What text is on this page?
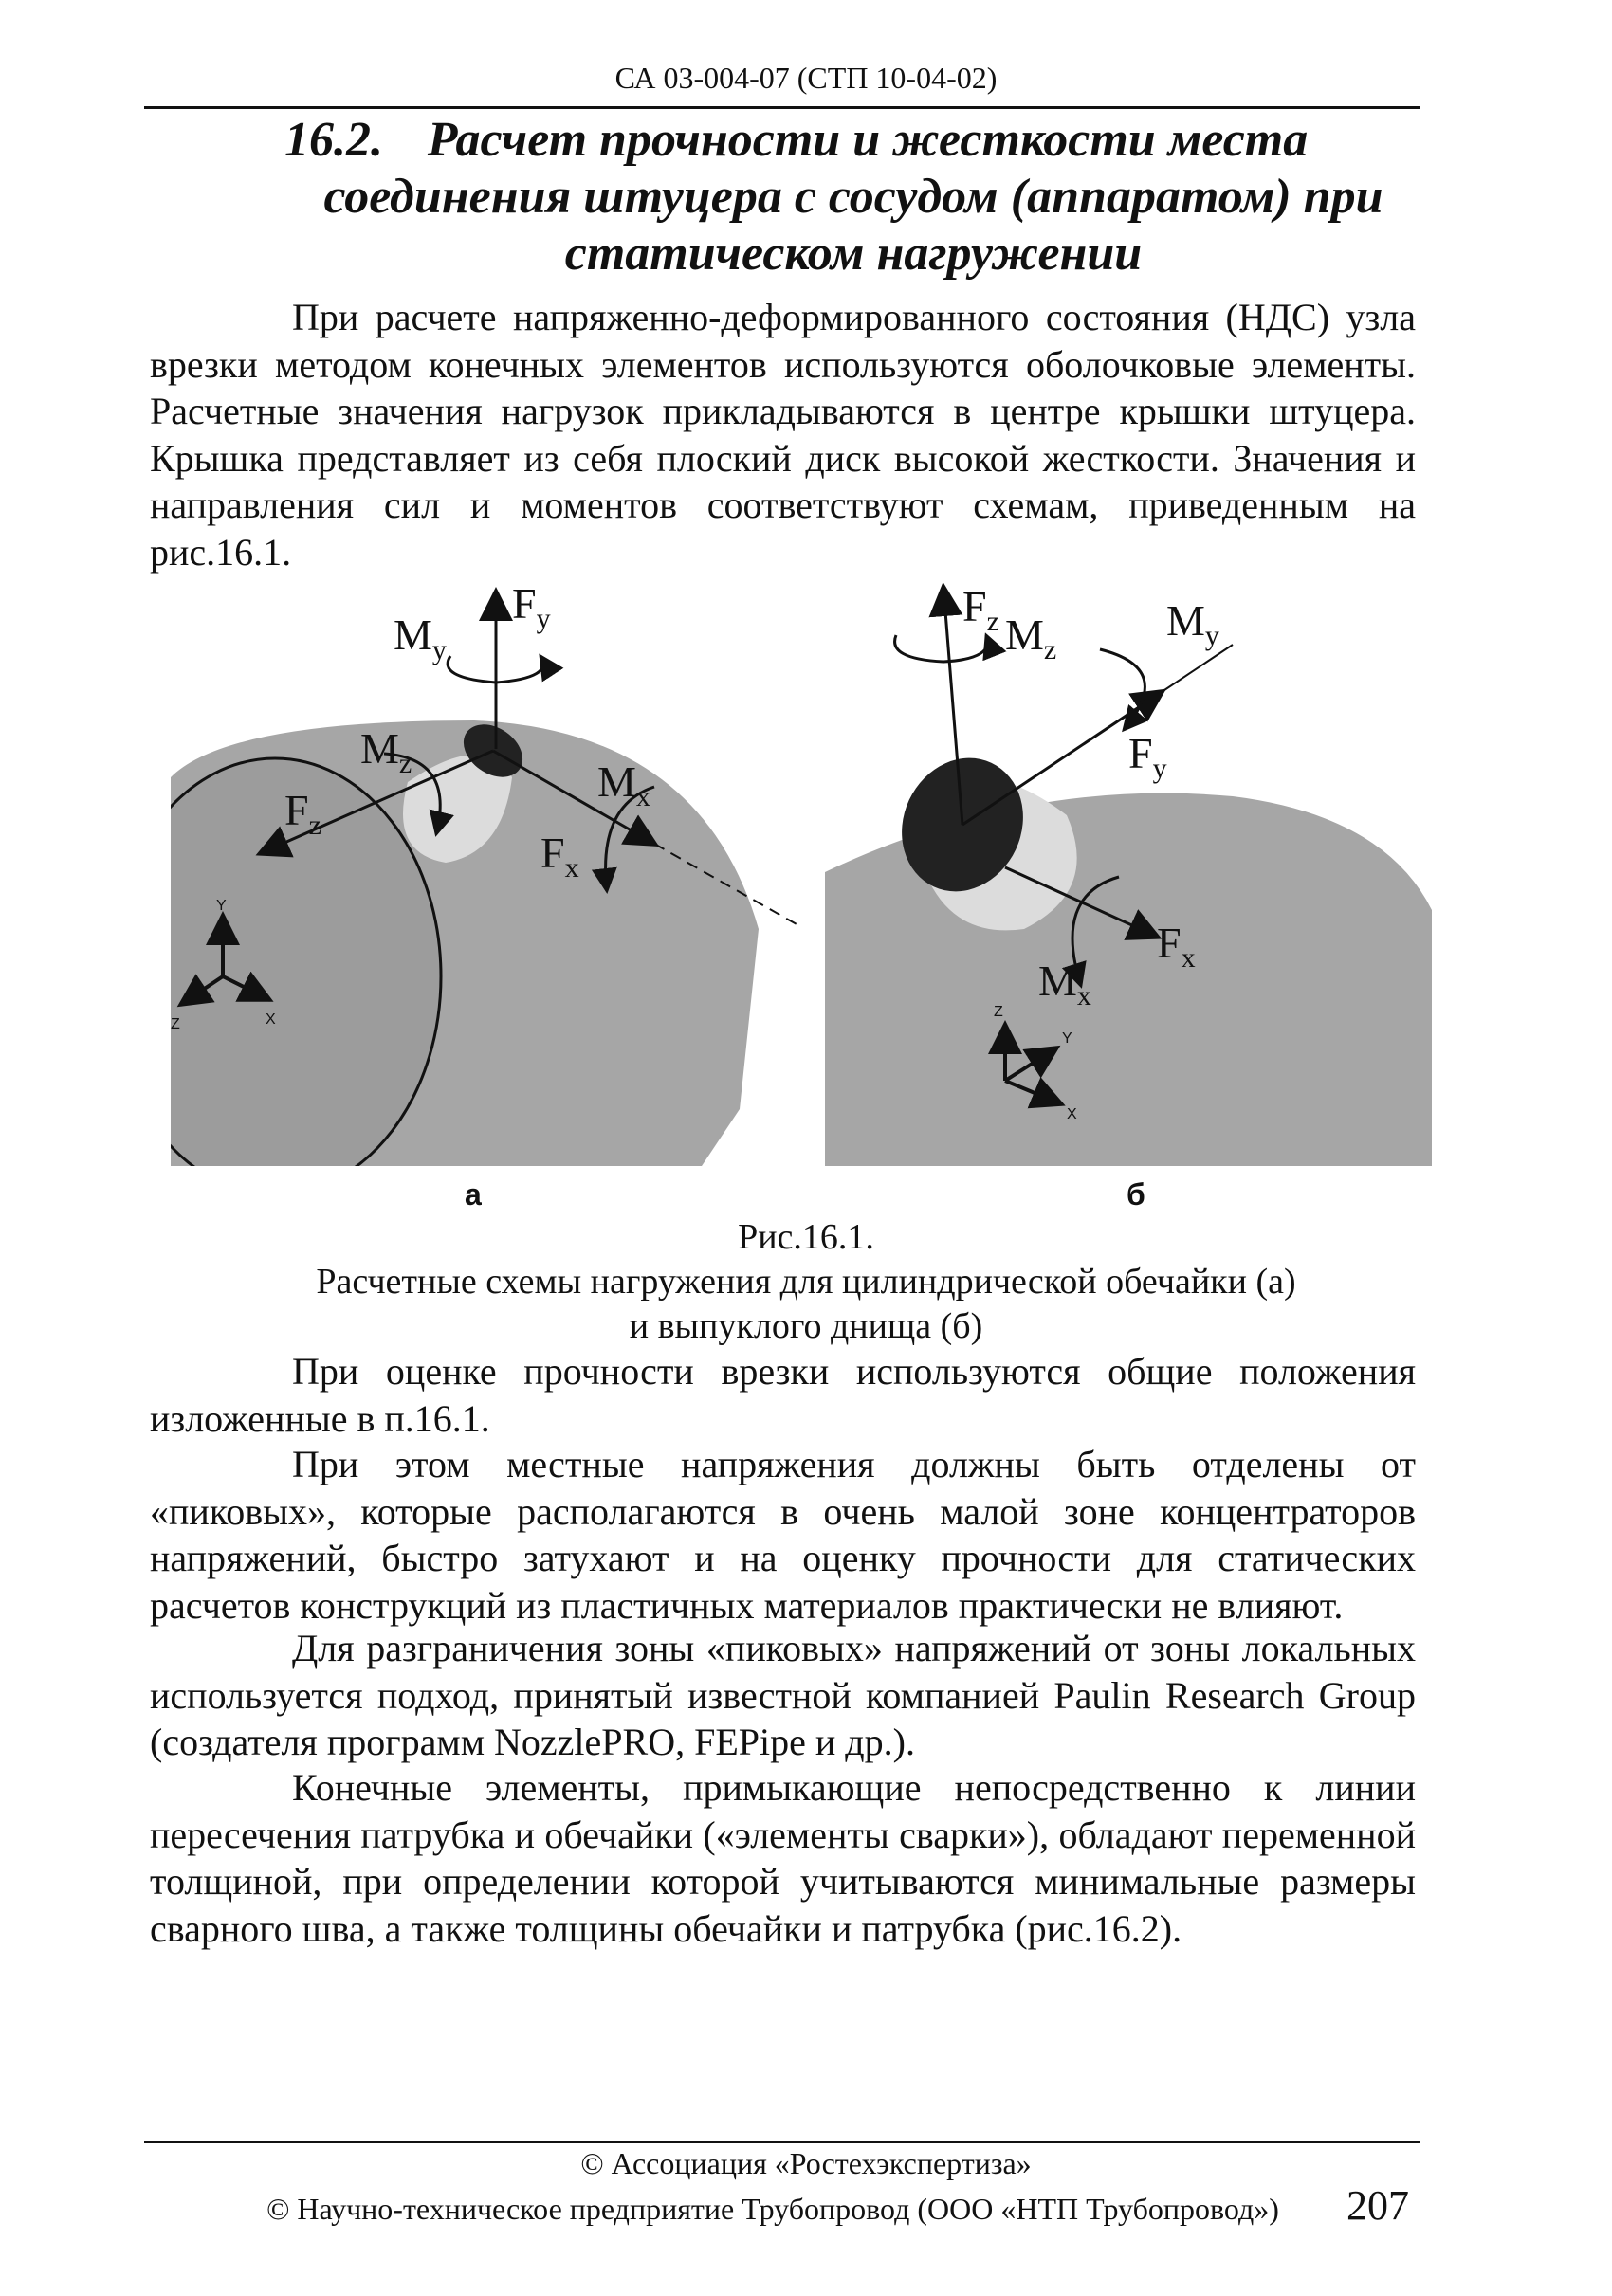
СА 03-004-07 (СТП 10-04-02)
16.2. Расчет прочности и жесткости места
соединения штуцера с сосудом (аппаратом) при
статическом нагружении
При расчете напряженно-деформированного состояния (НДС) узла врезки методом конечных элементов используются оболочковые элементы. Расчетные значения нагрузок прикладываются в центре крышки штуцера. Крышка представляет из себя плоский диск высокой жесткости. Значения и направления сил и моментов соответствуют схемам, приведенным на рис.16.1.
$F_y$
$M_y$
$M_z$
$F_z$
$M_x$
$F_x$
Y
X
Z
$F_z$ $M_z$
$M_y$
$F_y$
$F_x$
$M_x$
Z
Y
X
а	б
Рис.16.1.
Расчетные схемы нагружения для цилиндрической обечайки (а)
и выпуклого днища (б)
При оценке прочности врезки используются общие положения изложенные в п.16.1.
При этом местные напряжения должны быть отделены от «пиковых», которые располагаются в очень малой зоне концентраторов напряжений, быстро затухают и на оценку прочности для статических расчетов конструкций из пластичных материалов практически не влияют.
Для разграничения зоны «пиковых» напряжений от зоны локальных используется подход, принятый известной компанией Paulin Research Group (создателя программ NozzlePRO, FEPipe и др.).
Конечные элементы, примыкающие непосредственно к линии пересечения патрубка и обечайки («элементы сварки»), обладают переменной толщиной, при определении которой учитываются минимальные размеры сварного шва, а также толщины обечайки и патрубка (рис.16.2).
© Ассоциация «Ростехэкспертиза»
© Научно-техническое предприятие Трубопровод (ООО «НТП Трубопровод»)	207
